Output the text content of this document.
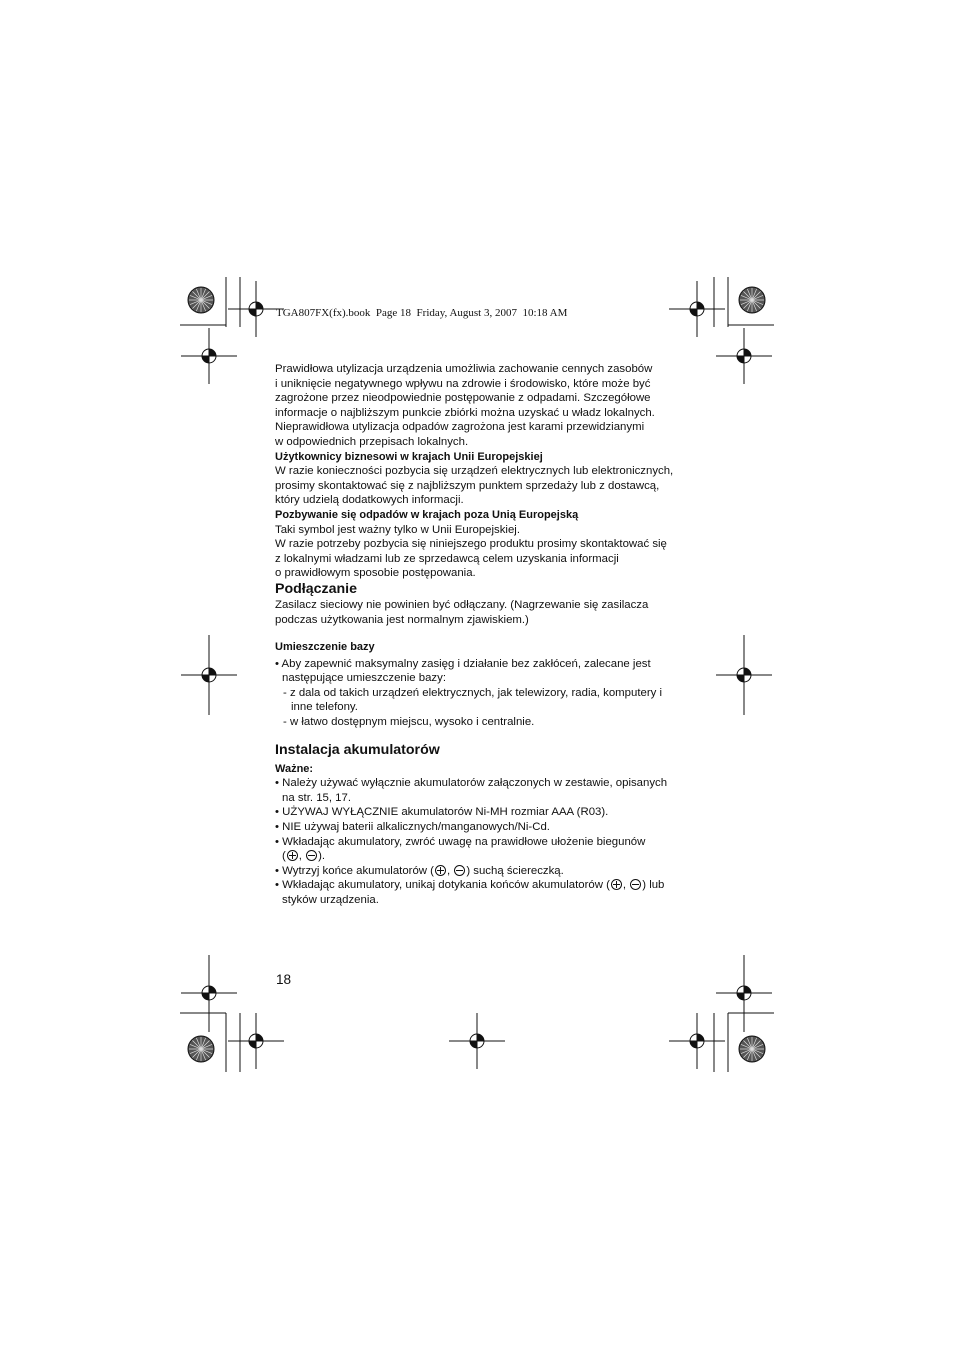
TGA807FX(fx).book  Page 18  Friday, August 3, 2007  10:18 AM

Prawidłowa utylizacja urządzenia umożliwia zachowanie cennych zasobów

i uniknięcie negatywnego wpływu na zdrowie i środowisko, które może być

zagrożone przez nieodpowiednie postępowanie z odpadami. Szczegółowe

informacje o najbliższym punkcie zbiórki można uzyskać u władz lokalnych.

Nieprawidłowa utylizacja odpadów zagrożona jest karami przewidzianymi

w odpowiednich przepisach lokalnych.

Użytkownicy biznesowi w krajach Unii Europejskiej

W razie konieczności pozbycia się urządzeń elektrycznych lub elektronicznych,

prosimy skontaktować się z najbliższym punktem sprzedaży lub z dostawcą,

który udzielą dodatkowych informacji.

Pozbywanie się odpadów w krajach poza Unią Europejską

Taki symbol jest ważny tylko w Unii Europejskiej.

W razie potrzeby pozbycia się niniejszego produktu prosimy skontaktować się

z lokalnymi władzami lub ze sprzedawcą celem uzyskania informacji

o prawidłowym sposobie postępowania.

Podłączanie

Zasilacz sieciowy nie powinien być odłączany. (Nagrzewanie się zasilacza

podczas użytkowania jest normalnym zjawiskiem.)

Umieszczenie bazy

• Aby zapewnić maksymalny zasięg i działanie bez zakłóceń, zalecane jest

następujące umieszczenie bazy:

- z dala od takich urządzeń elektrycznych, jak telewizory, radia, komputery i

inne telefony.

- w łatwo dostępnym miejscu, wysoko i centralnie.

Instalacja akumulatorów

Ważne:

• Należy używać wyłącznie akumulatorów załączonych w zestawie, opisanych

na str. 15, 17.

• UŻYWAJ WYŁĄCZNIE akumulatorów Ni-MH rozmiar AAA (R03).

• NIE używaj baterii alkalicznych/manganowych/Ni-Cd.

• Wkładając akumulatory, zwróć uwagę na prawidłowe ułożenie biegunów

( , ).

• Wytrzyj końce akumulatorów ( , ) suchą ściereczką.

• Wkładając akumulatory, unikaj dotykania końców akumulatorów ( , ) lub

styków urządzenia.

18
